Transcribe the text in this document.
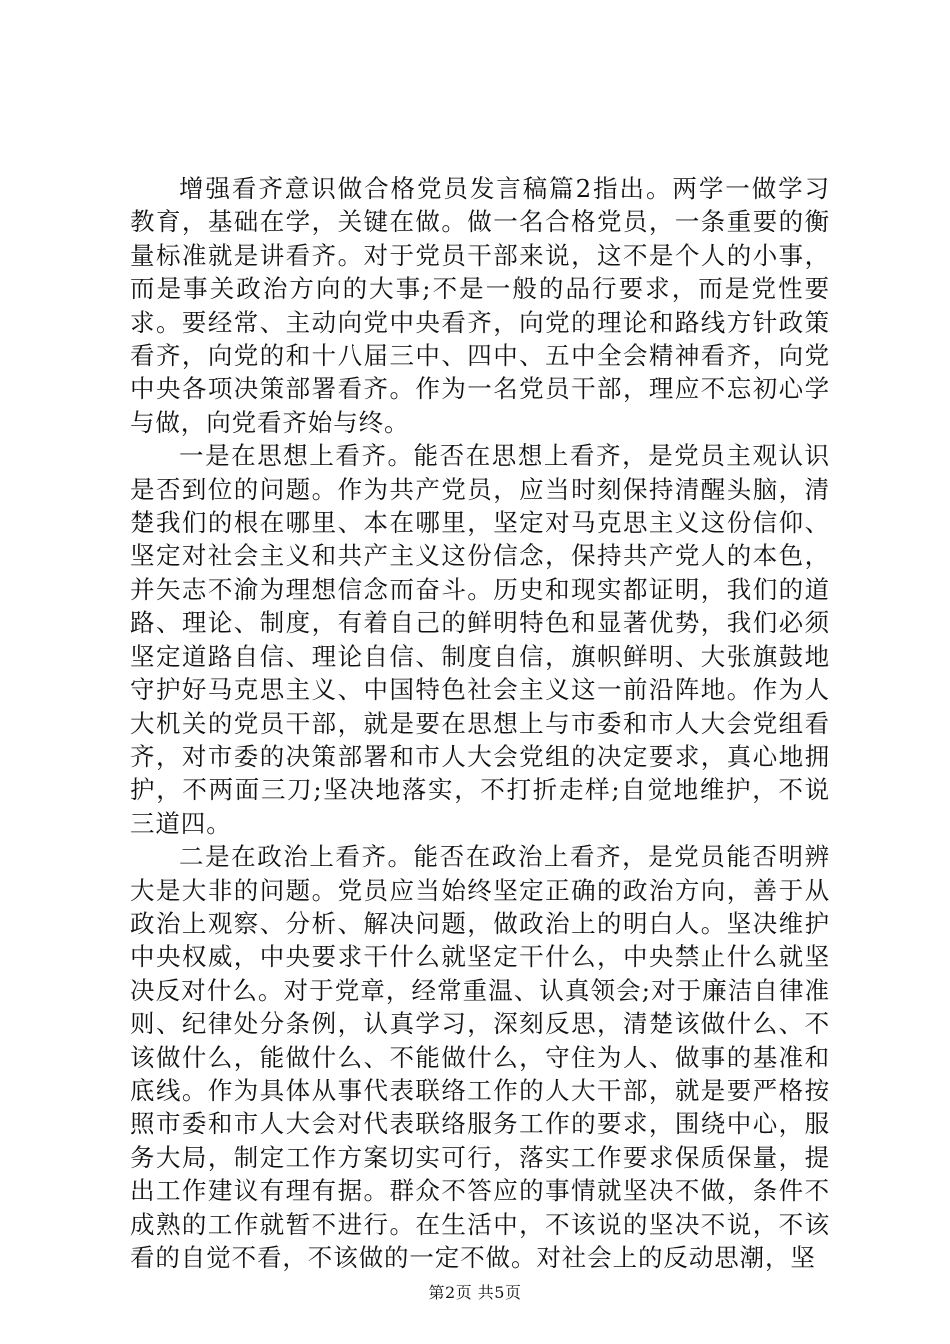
增强看齐意识做合格党员发言稿篇2指出。两学一做学习教育，基础在学，关键在做。做一名合格党员，一条重要的衡量标准就是讲看齐。对于党员干部来说，这不是个人的小事，而是事关政治方向的大事;不是一般的品行要求，而是党性要求。要经常、主动向党中央看齐，向党的理论和路线方针政策看齐，向党的和十八届三中、四中、五中全会精神看齐，向党中央各项决策部署看齐。作为一名党员干部，理应不忘初心学与做，向党看齐始与终。

一是在思想上看齐。能否在思想上看齐，是党员主观认识是否到位的问题。作为共产党员，应当时刻保持清醒头脑，清楚我们的根在哪里、本在哪里，坚定对马克思主义这份信仰、坚定对社会主义和共产主义这份信念，保持共产党人的本色，并矢志不渝为理想信念而奋斗。历史和现实都证明，我们的道路、理论、制度，有着自己的鲜明特色和显著优势，我们必须坚定道路自信、理论自信、制度自信，旗帜鲜明、大张旗鼓地守护好马克思主义、中国特色社会主义这一前沿阵地。作为人大机关的党员干部，就是要在思想上与市委和市人大会党组看齐，对市委的决策部署和市人大会党组的决定要求，真心地拥护，不两面三刀;坚决地落实，不打折走样;自觉地维护，不说三道四。

二是在政治上看齐。能否在政治上看齐，是党员能否明辨大是大非的问题。党员应当始终坚定正确的政治方向，善于从政治上观察、分析、解决问题，做政治上的明白人。坚决维护中央权威，中央要求干什么就坚定干什么，中央禁止什么就坚决反对什么。对于党章，经常重温、认真领会;对于廉洁自律准则、纪律处分条例，认真学习，深刻反思，清楚该做什么、不该做什么，能做什么、不能做什么，守住为人、做事的基准和底线。作为具体从事代表联络工作的人大干部，就是要严格按照市委和市人大会对代表联络服务工作的要求，围绕中心，服务大局，制定工作方案切实可行，落实工作要求保质保量，提出工作建议有理有据。群众不答应的事情就坚决不做，条件不成熟的工作就暂不进行。在生活中，不该说的坚决不说，不该看的自觉不看，不该做的一定不做。对社会上的反动思潮，坚

第2页 共5页
